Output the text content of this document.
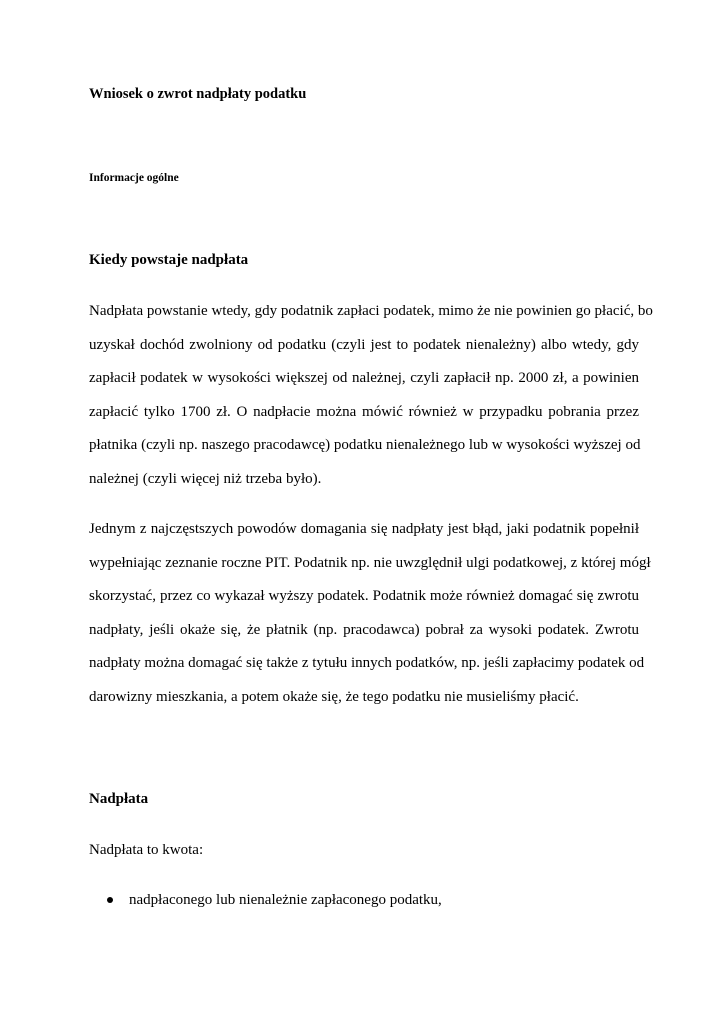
Wniosek o zwrot nadpłaty podatku
Informacje ogólne
Kiedy powstaje nadpłata
Nadpłata powstanie wtedy, gdy podatnik zapłaci podatek, mimo że nie powinien go płacić, bo
uzyskał dochód zwolniony od podatku (czyli jest to podatek nienależny) albo wtedy, gdy
zapłacił podatek w wysokości większej od należnej, czyli zapłacił np. 2000 zł, a powinien
zapłacić tylko 1700 zł. O nadpłacie można mówić również w przypadku pobrania przez
płatnika (czyli np. naszego pracodawcę) podatku nienależnego lub w wysokości wyższej od
należnej (czyli więcej niż trzeba było).
Jednym z najczęstszych powodów domagania się nadpłaty jest błąd, jaki podatnik popełnił
wypełniając zeznanie roczne PIT. Podatnik np. nie uwzględnił ulgi podatkowej, z której mógł
skorzystać, przez co wykazał wyższy podatek. Podatnik może również domagać się zwrotu
nadpłaty, jeśli okaże się, że płatnik (np. pracodawca) pobrał za wysoki podatek. Zwrotu
nadpłaty można domagać się także z tytułu innych podatków, np. jeśli zapłacimy podatek od
darowizny mieszkania, a potem okaże się, że tego podatku nie musieliśmy płacić.
Nadpłata

Nadpłata to kwota:

nadpłaconego lub nienależnie zapłaconego podatku,
